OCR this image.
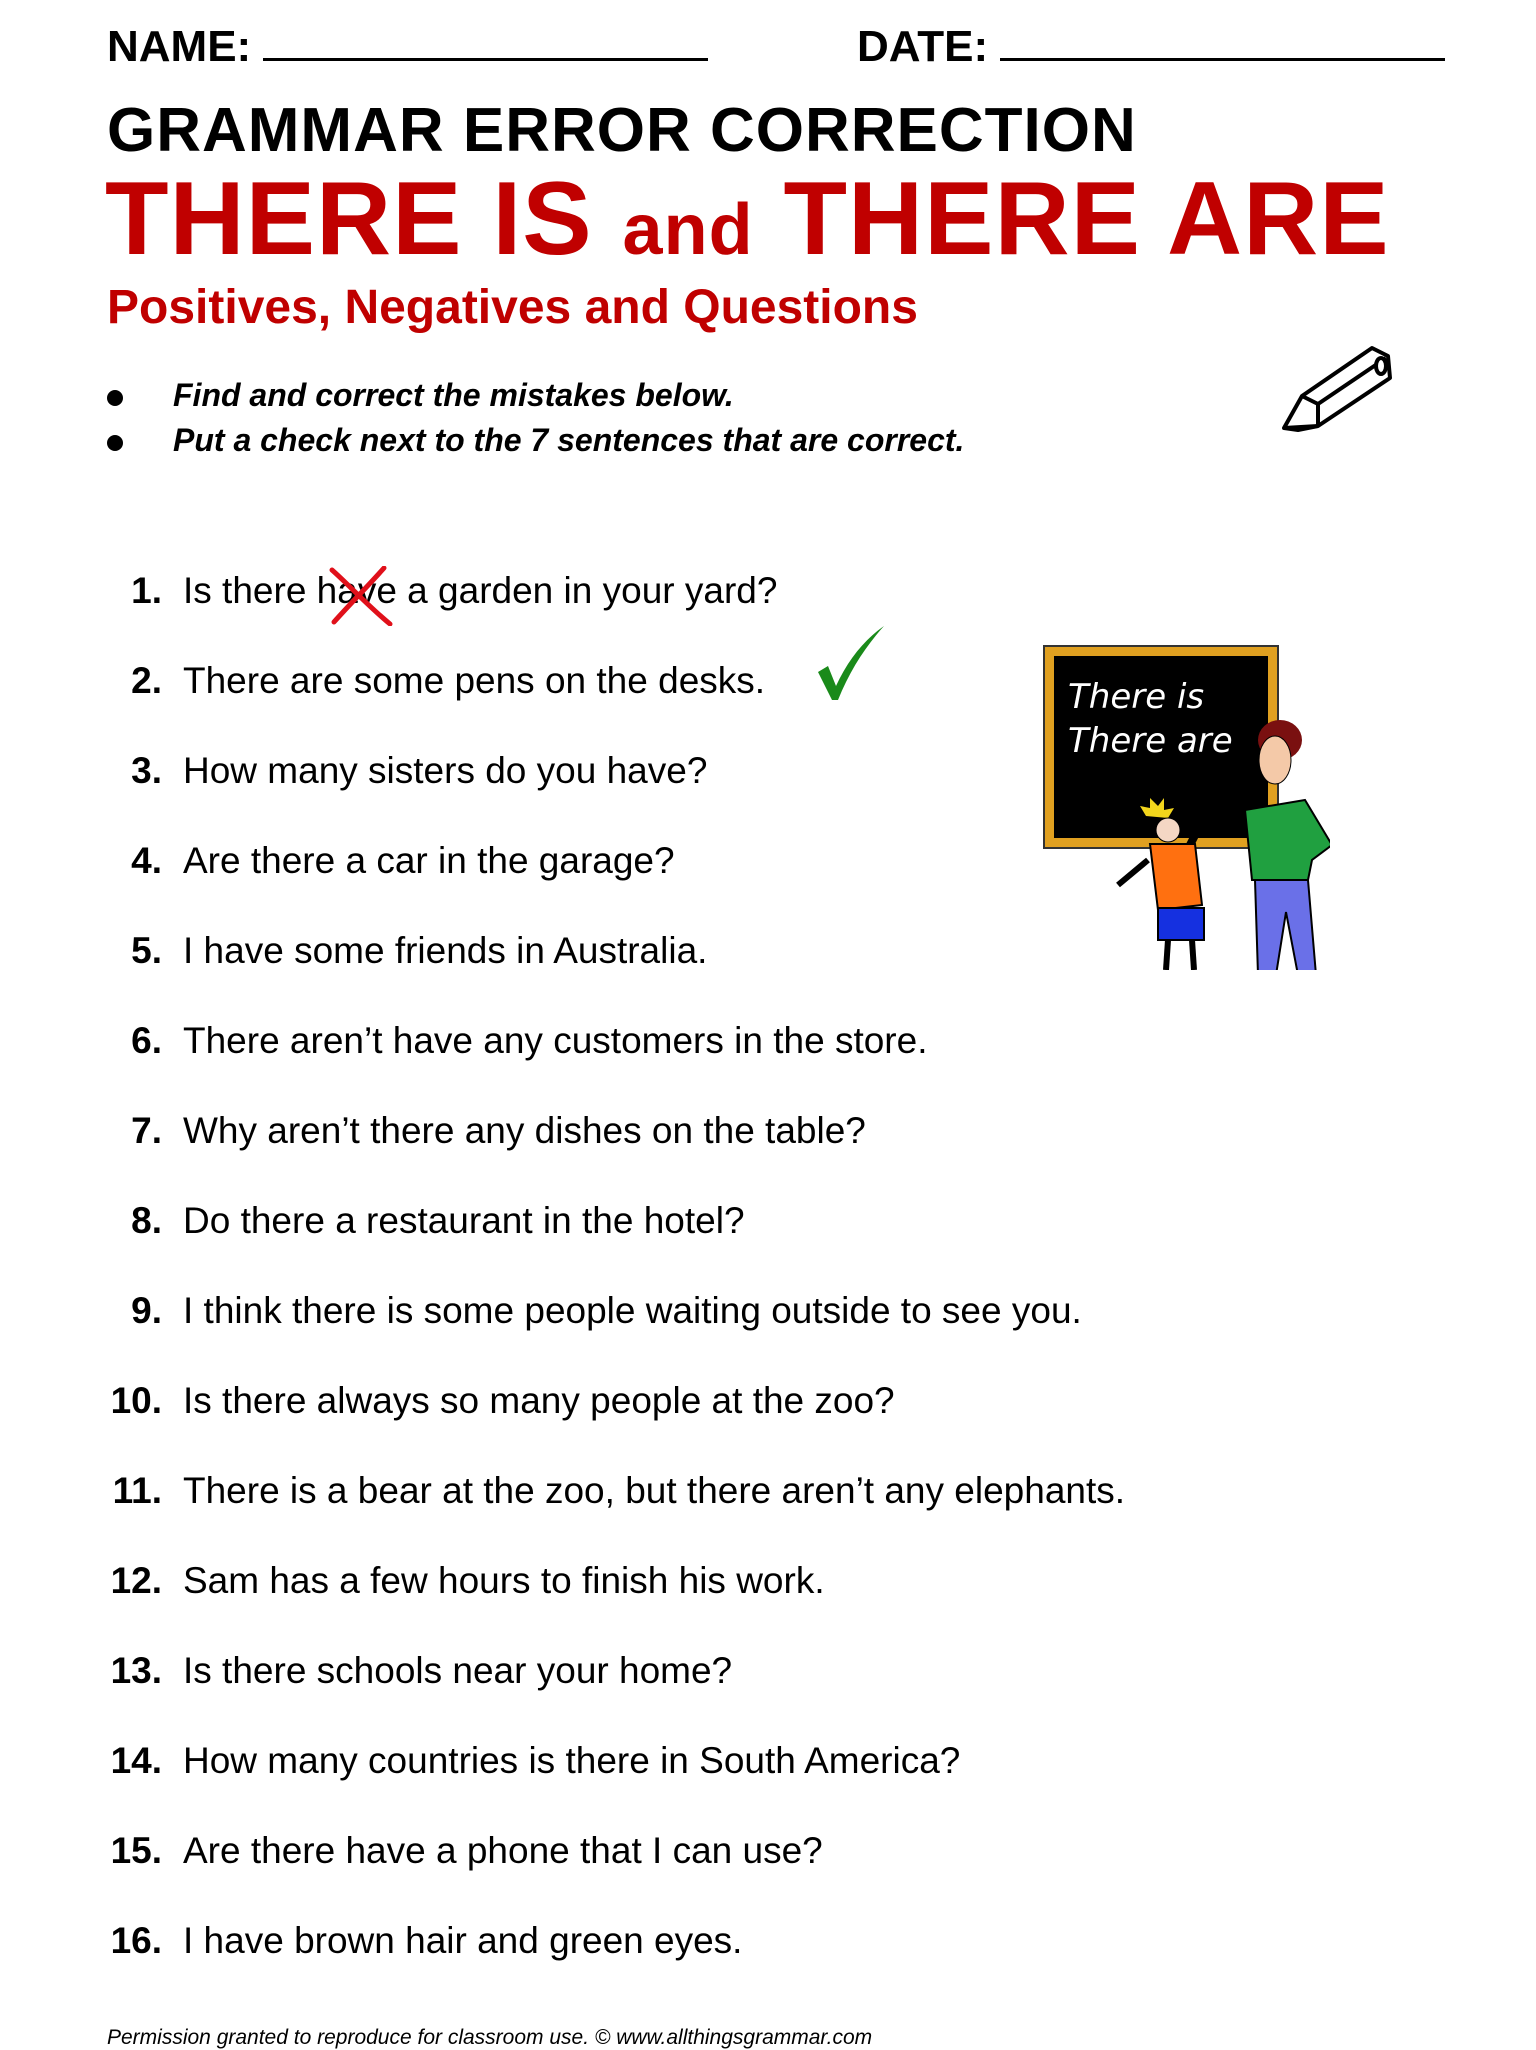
NAME:	DATE:
GRAMMAR ERROR CORRECTION
THERE IS and THERE ARE
Positives, Negatives and Questions
Find and correct the mistakes below.
Put a check next to the 7 sentences that are correct.
1. Is there have a garden in your yard?
2. There are some pens on the desks.
3. How many sisters do you have?
4. Are there a car in the garage?
5. I have some friends in Australia.
6. There aren’t have any customers in the store.
7. Why aren’t there any dishes on the table?
8. Do there a restaurant in the hotel?
9. I think there is some people waiting outside to see you.
10. Is there always so many people at the zoo?
11. There is a bear at the zoo, but there aren’t any elephants.
12. Sam has a few hours to finish his work.
13. Is there schools near your home?
14. How many countries is there in South America?
15. Are there have a phone that I can use?
16. I have brown hair and green eyes.
There is
There are
Permission granted to reproduce for classroom use. © www.allthingsgrammar.com
